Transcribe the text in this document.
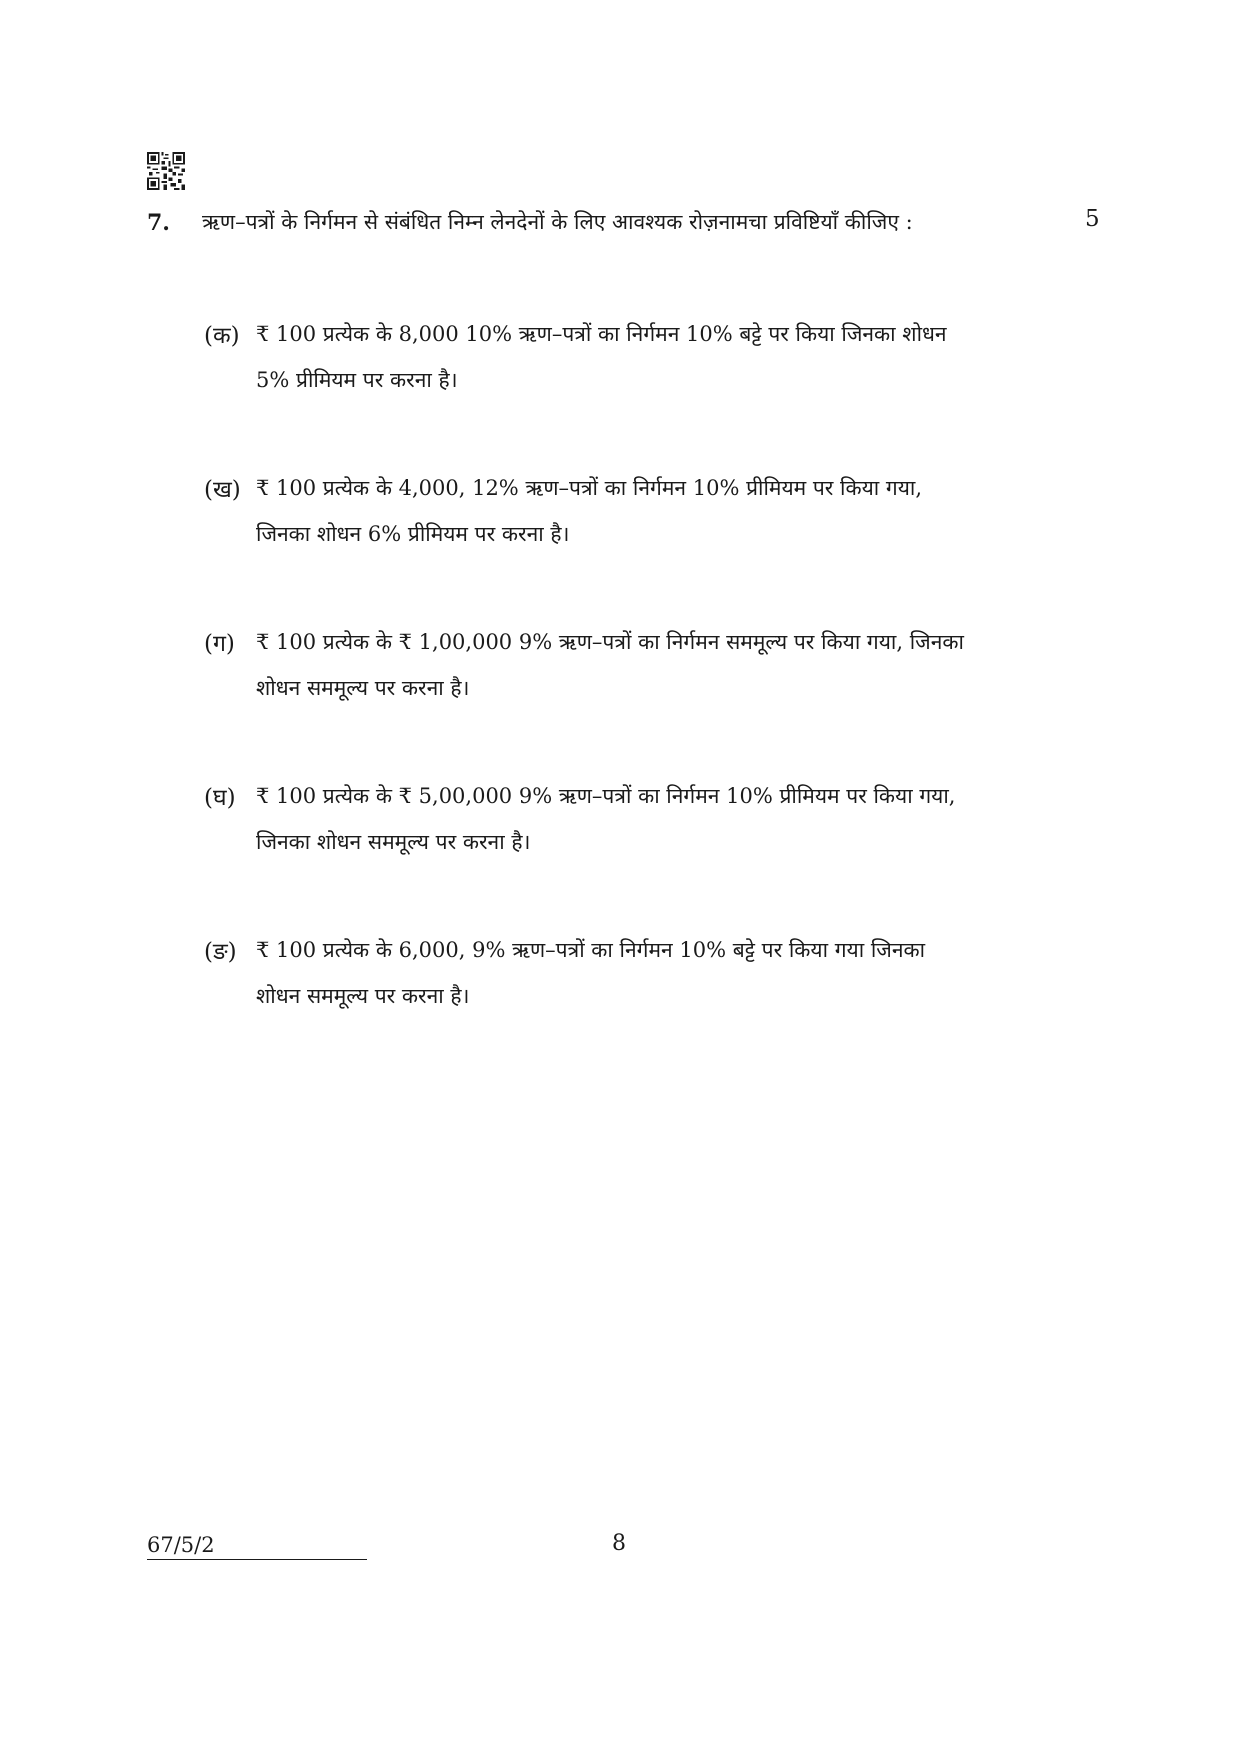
7. ऋण–पत्रों के निर्गमन से संबंधित निम्न लेनदेनों के लिए आवश्यक रोज़नामचा प्रविष्टियाँ कीजिए :	5
(क) ₹ 100 प्रत्येक के 8,000 10% ऋण–पत्रों का निर्गमन 10% बट्टे पर किया जिनका शोधन
5% प्रीमियम पर करना है।
(ख) ₹ 100 प्रत्येक के 4,000, 12% ऋण–पत्रों का निर्गमन 10% प्रीमियम पर किया गया,
जिनका शोधन 6% प्रीमियम पर करना है।
(ग) ₹ 100 प्रत्येक के ₹ 1,00,000 9% ऋण–पत्रों का निर्गमन सममूल्य पर किया गया, जिनका
शोधन सममूल्य पर करना है।
(घ) ₹ 100 प्रत्येक के ₹ 5,00,000 9% ऋण–पत्रों का निर्गमन 10% प्रीमियम पर किया गया,
जिनका शोधन सममूल्य पर करना है।
(ङ) ₹ 100 प्रत्येक के 6,000, 9% ऋण–पत्रों का निर्गमन 10% बट्टे पर किया गया जिनका
शोधन सममूल्य पर करना है।
67/5/2	8
